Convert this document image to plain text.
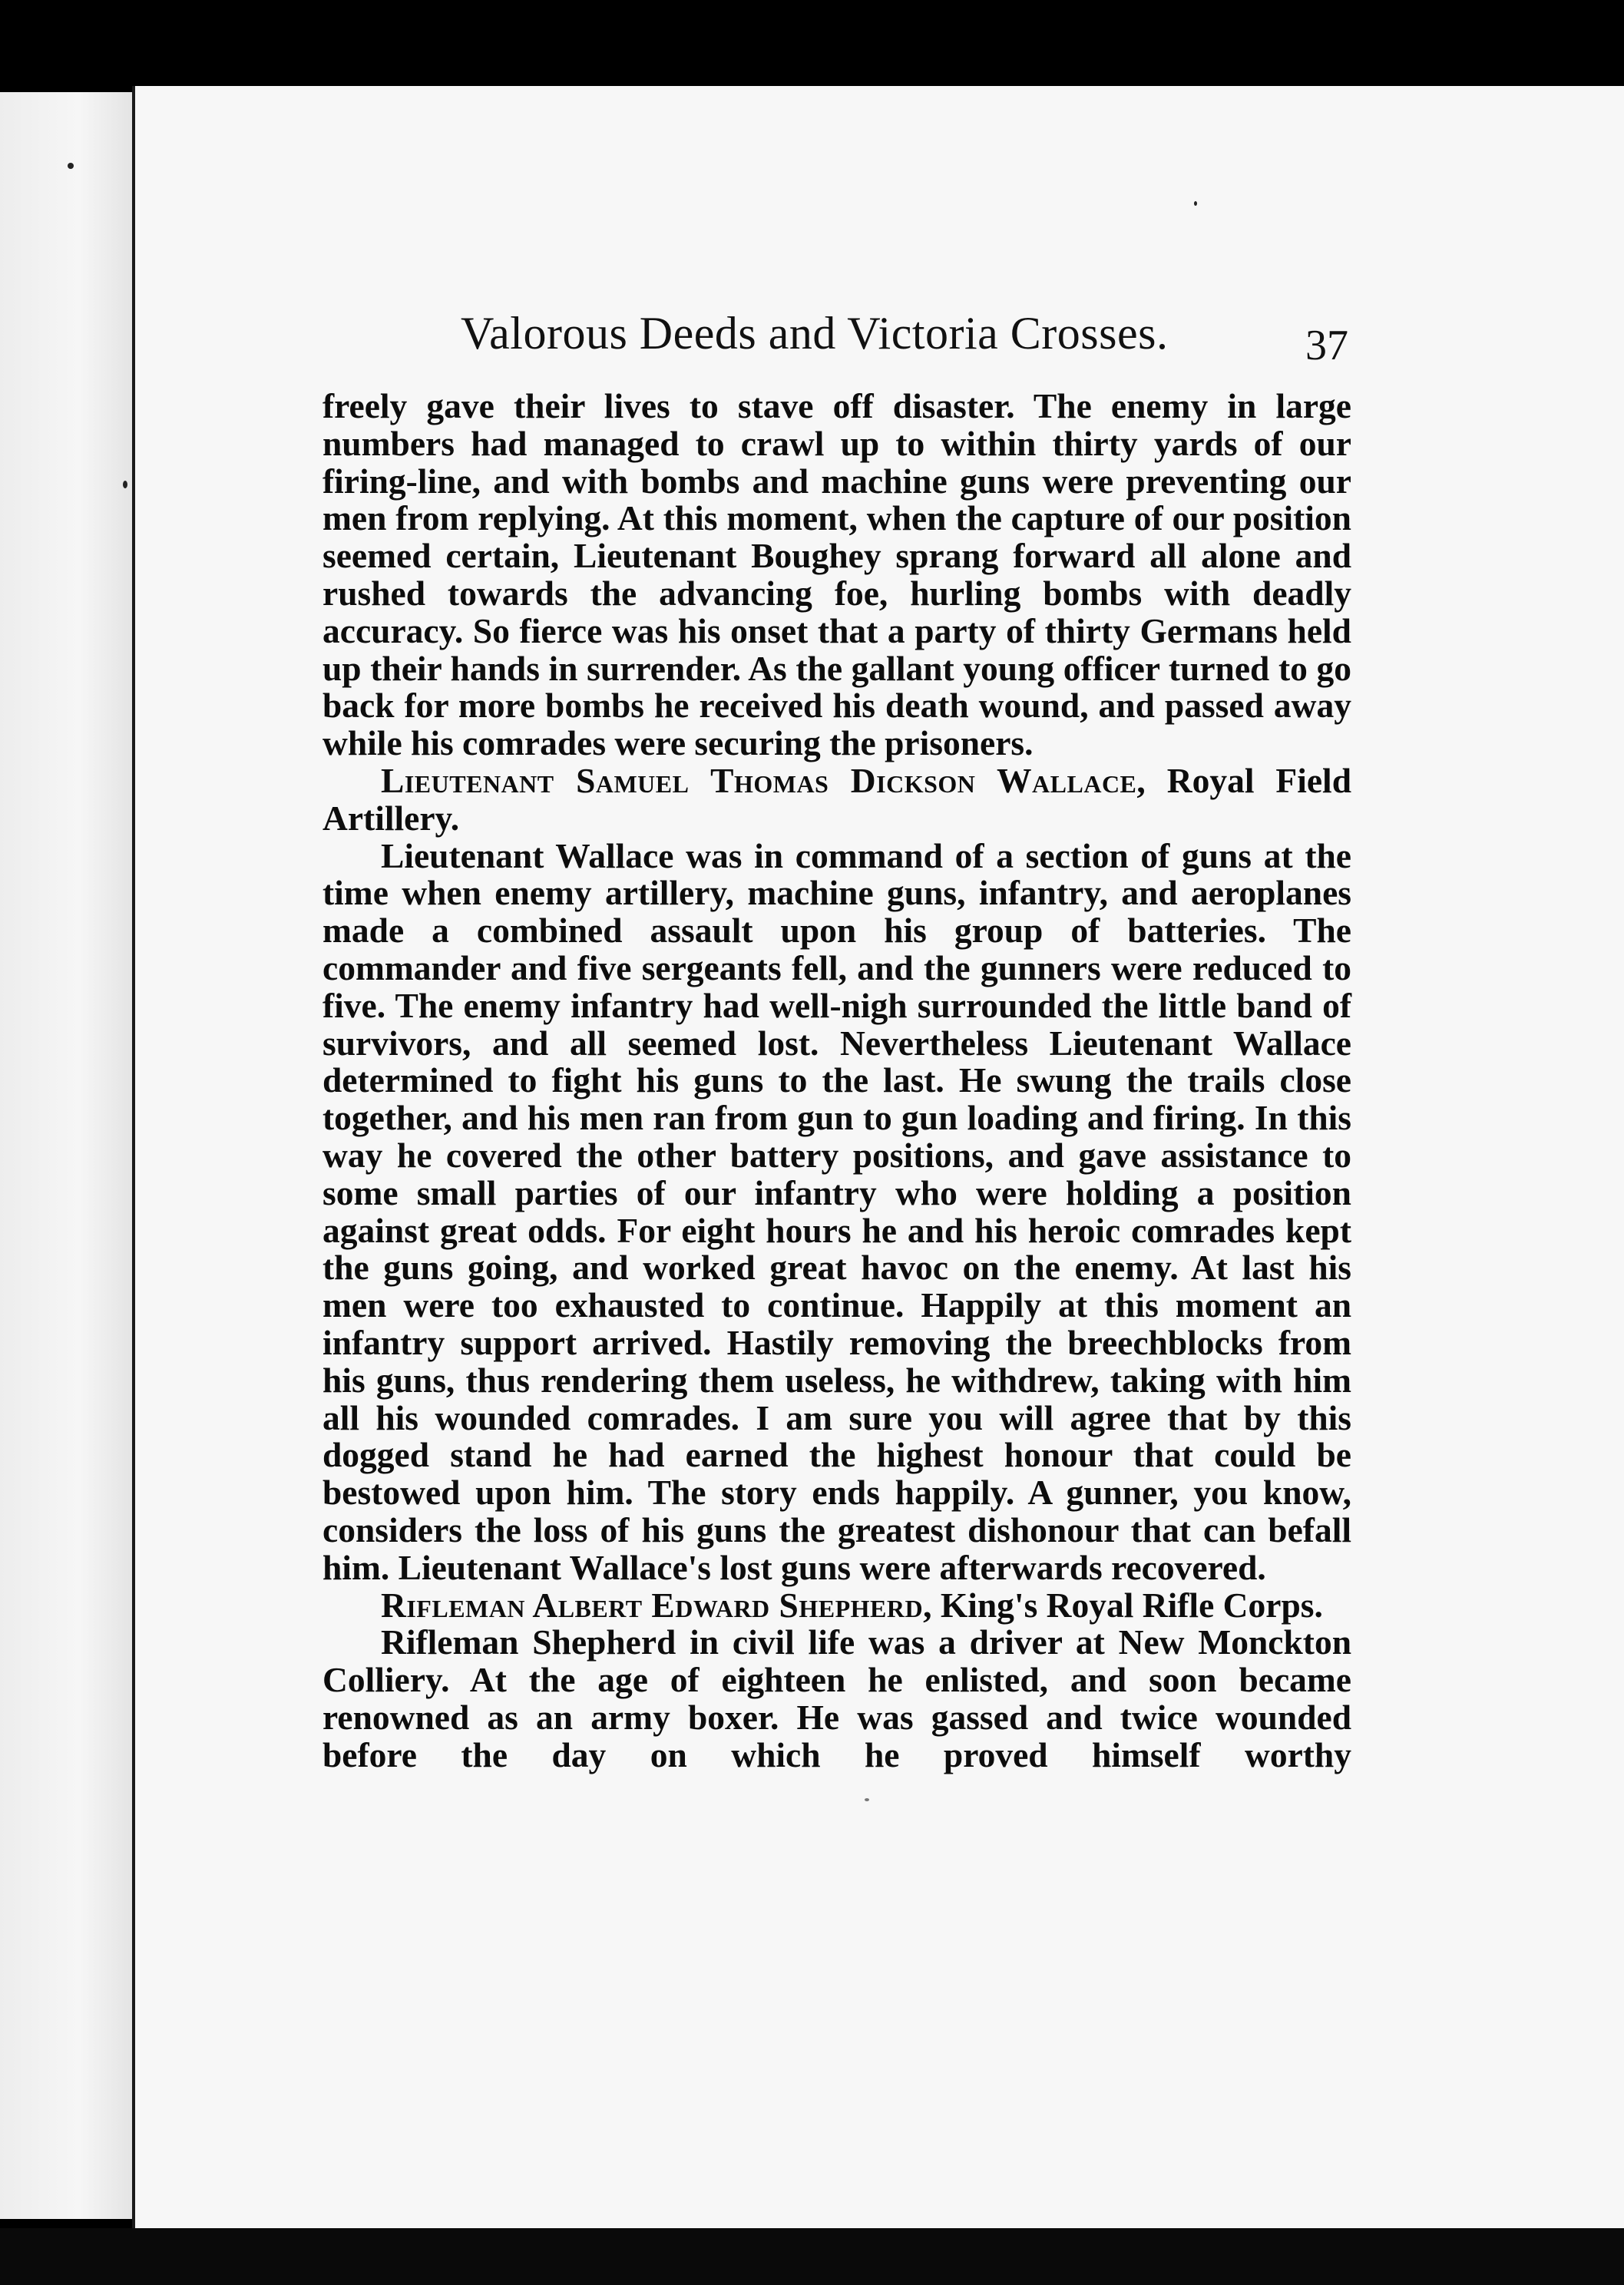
Valorous Deeds and Victoria Crosses.	37

freely gave their lives to stave off disaster. The enemy in large numbers had managed to crawl up to within thirty yards of our firing-line, and with bombs and machine guns were preventing our men from replying. At this moment, when the capture of our position seemed certain, Lieutenant Boughey sprang forward all alone and rushed towards the advancing foe, hurling bombs with deadly accuracy. So fierce was his onset that a party of thirty Germans held up their hands in surrender. As the gallant young officer turned to go back for more bombs he received his death wound, and passed away while his comrades were securing the prisoners.

Lieutenant Samuel Thomas Dickson Wallace, Royal Field Artillery.

Lieutenant Wallace was in command of a section of guns at the time when enemy artillery, machine guns, infantry, and aeroplanes made a combined assault upon his group of batteries. The commander and five sergeants fell, and the gunners were reduced to five. The enemy infantry had well-nigh surrounded the little band of survivors, and all seemed lost. Nevertheless Lieutenant Wallace determined to fight his guns to the last. He swung the trails close together, and his men ran from gun to gun loading and firing. In this way he covered the other battery positions, and gave assistance to some small parties of our infantry who were holding a position against great odds. For eight hours he and his heroic comrades kept the guns going, and worked great havoc on the enemy. At last his men were too exhausted to continue. Happily at this moment an infantry support arrived. Hastily removing the breechblocks from his guns, thus rendering them useless, he withdrew, taking with him all his wounded comrades. I am sure you will agree that by this dogged stand he had earned the highest honour that could be bestowed upon him. The story ends happily. A gunner, you know, considers the loss of his guns the greatest dishonour that can befall him. Lieutenant Wallace's lost guns were afterwards recovered.

Rifleman Albert Edward Shepherd, King's Royal Rifle Corps.

Rifleman Shepherd in civil life was a driver at New Monckton Colliery. At the age of eighteen he enlisted, and soon became renowned as an army boxer. He was gassed and twice wounded before the day on which he proved himself worthy
